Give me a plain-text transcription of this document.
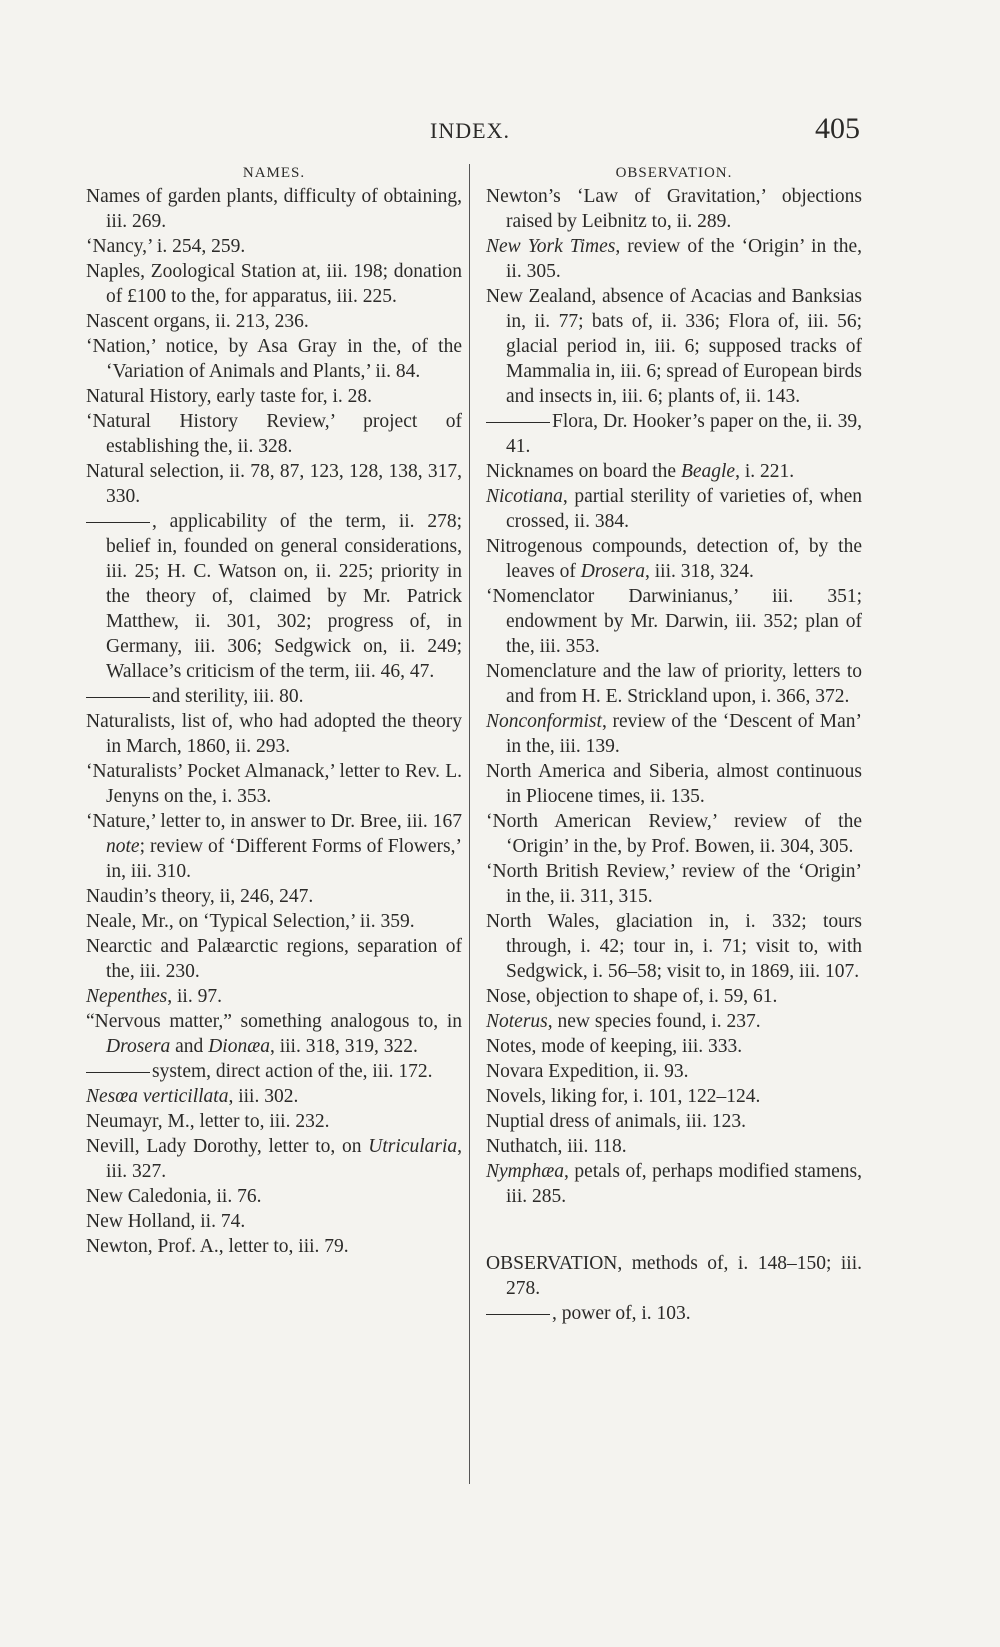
INDEX.	405
NAMES.

Names of garden plants, difficulty of obtaining, iii. 269.

‘Nancy,’ i. 254, 259.

Naples, Zoological Station at, iii. 198; donation of £100 to the, for apparatus, iii. 225.

Nascent organs, ii. 213, 236.

‘Nation,’ notice, by Asa Gray in the, of the ‘Variation of Animals and Plants,’ ii. 84.

Natural History, early taste for, i. 28.

‘Natural History Review,’ project of establishing the, ii. 328.

Natural selection, ii. 78, 87, 123, 128, 138, 317, 330.

, applicability of the term, ii. 278; belief in, founded on general considerations, iii. 25; H. C. Watson on, ii. 225; priority in the theory of, claimed by Mr. Patrick Matthew, ii. 301, 302; progress of, in Germany, iii. 306; Sedgwick on, ii. 249; Wallace’s criticism of the term, iii. 46, 47.

and sterility, iii. 80.

Naturalists, list of, who had adopted the theory in March, 1860, ii. 293.

‘Naturalists’ Pocket Almanack,’ letter to Rev. L. Jenyns on the, i. 353.

‘Nature,’ letter to, in answer to Dr. Bree, iii. 167 note; review of ‘Different Forms of Flowers,’ in, iii. 310.

Naudin’s theory, ii, 246, 247.

Neale, Mr., on ‘Typical Selection,’ ii. 359.

Nearctic and Palæarctic regions, separation of the, iii. 230.

Nepenthes, ii. 97.

“Nervous matter,” something analogous to, in Drosera and Dionæa, iii. 318, 319, 322.

system, direct action of the, iii. 172.

Nesœa verticillata, iii. 302.

Neumayr, M., letter to, iii. 232.

Nevill, Lady Dorothy, letter to, on Utricularia, iii. 327.

New Caledonia, ii. 76.

New Holland, ii. 74.

Newton, Prof. A., letter to, iii. 79.

OBSERVATION.

Newton’s ‘Law of Gravitation,’ objections raised by Leibnitz to, ii. 289.

New York Times, review of the ‘Origin’ in the, ii. 305.

New Zealand, absence of Acacias and Banksias in, ii. 77; bats of, ii. 336; Flora of, iii. 56; glacial period in, iii. 6; supposed tracks of Mammalia in, iii. 6; spread of European birds and insects in, iii. 6; plants of, ii. 143.

Flora, Dr. Hooker’s paper on the, ii. 39, 41.

Nicknames on board the Beagle, i. 221.

Nicotiana, partial sterility of varieties of, when crossed, ii. 384.

Nitrogenous compounds, detection of, by the leaves of Drosera, iii. 318, 324.

‘Nomenclator Darwinianus,’ iii. 351; endowment by Mr. Darwin, iii. 352; plan of the, iii. 353.

Nomenclature and the law of priority, letters to and from H. E. Strickland upon, i. 366, 372.

Nonconformist, review of the ‘Descent of Man’ in the, iii. 139.

North America and Siberia, almost continuous in Pliocene times, ii. 135.

‘North American Review,’ review of the ‘Origin’ in the, by Prof. Bowen, ii. 304, 305.

‘North British Review,’ review of the ‘Origin’ in the, ii. 311, 315.

North Wales, glaciation in, i. 332; tours through, i. 42; tour in, i. 71; visit to, with Sedgwick, i. 56–58; visit to, in 1869, iii. 107.

Nose, objection to shape of, i. 59, 61.

Noterus, new species found, i. 237.

Notes, mode of keeping, iii. 333.

Novara Expedition, ii. 93.

Novels, liking for, i. 101, 122–124.

Nuptial dress of animals, iii. 123.

Nuthatch, iii. 118.

Nymphæa, petals of, perhaps modified stamens, iii. 285.

OBSERVATION, methods of, i. 148–150; iii. 278.

, power of, i. 103.
